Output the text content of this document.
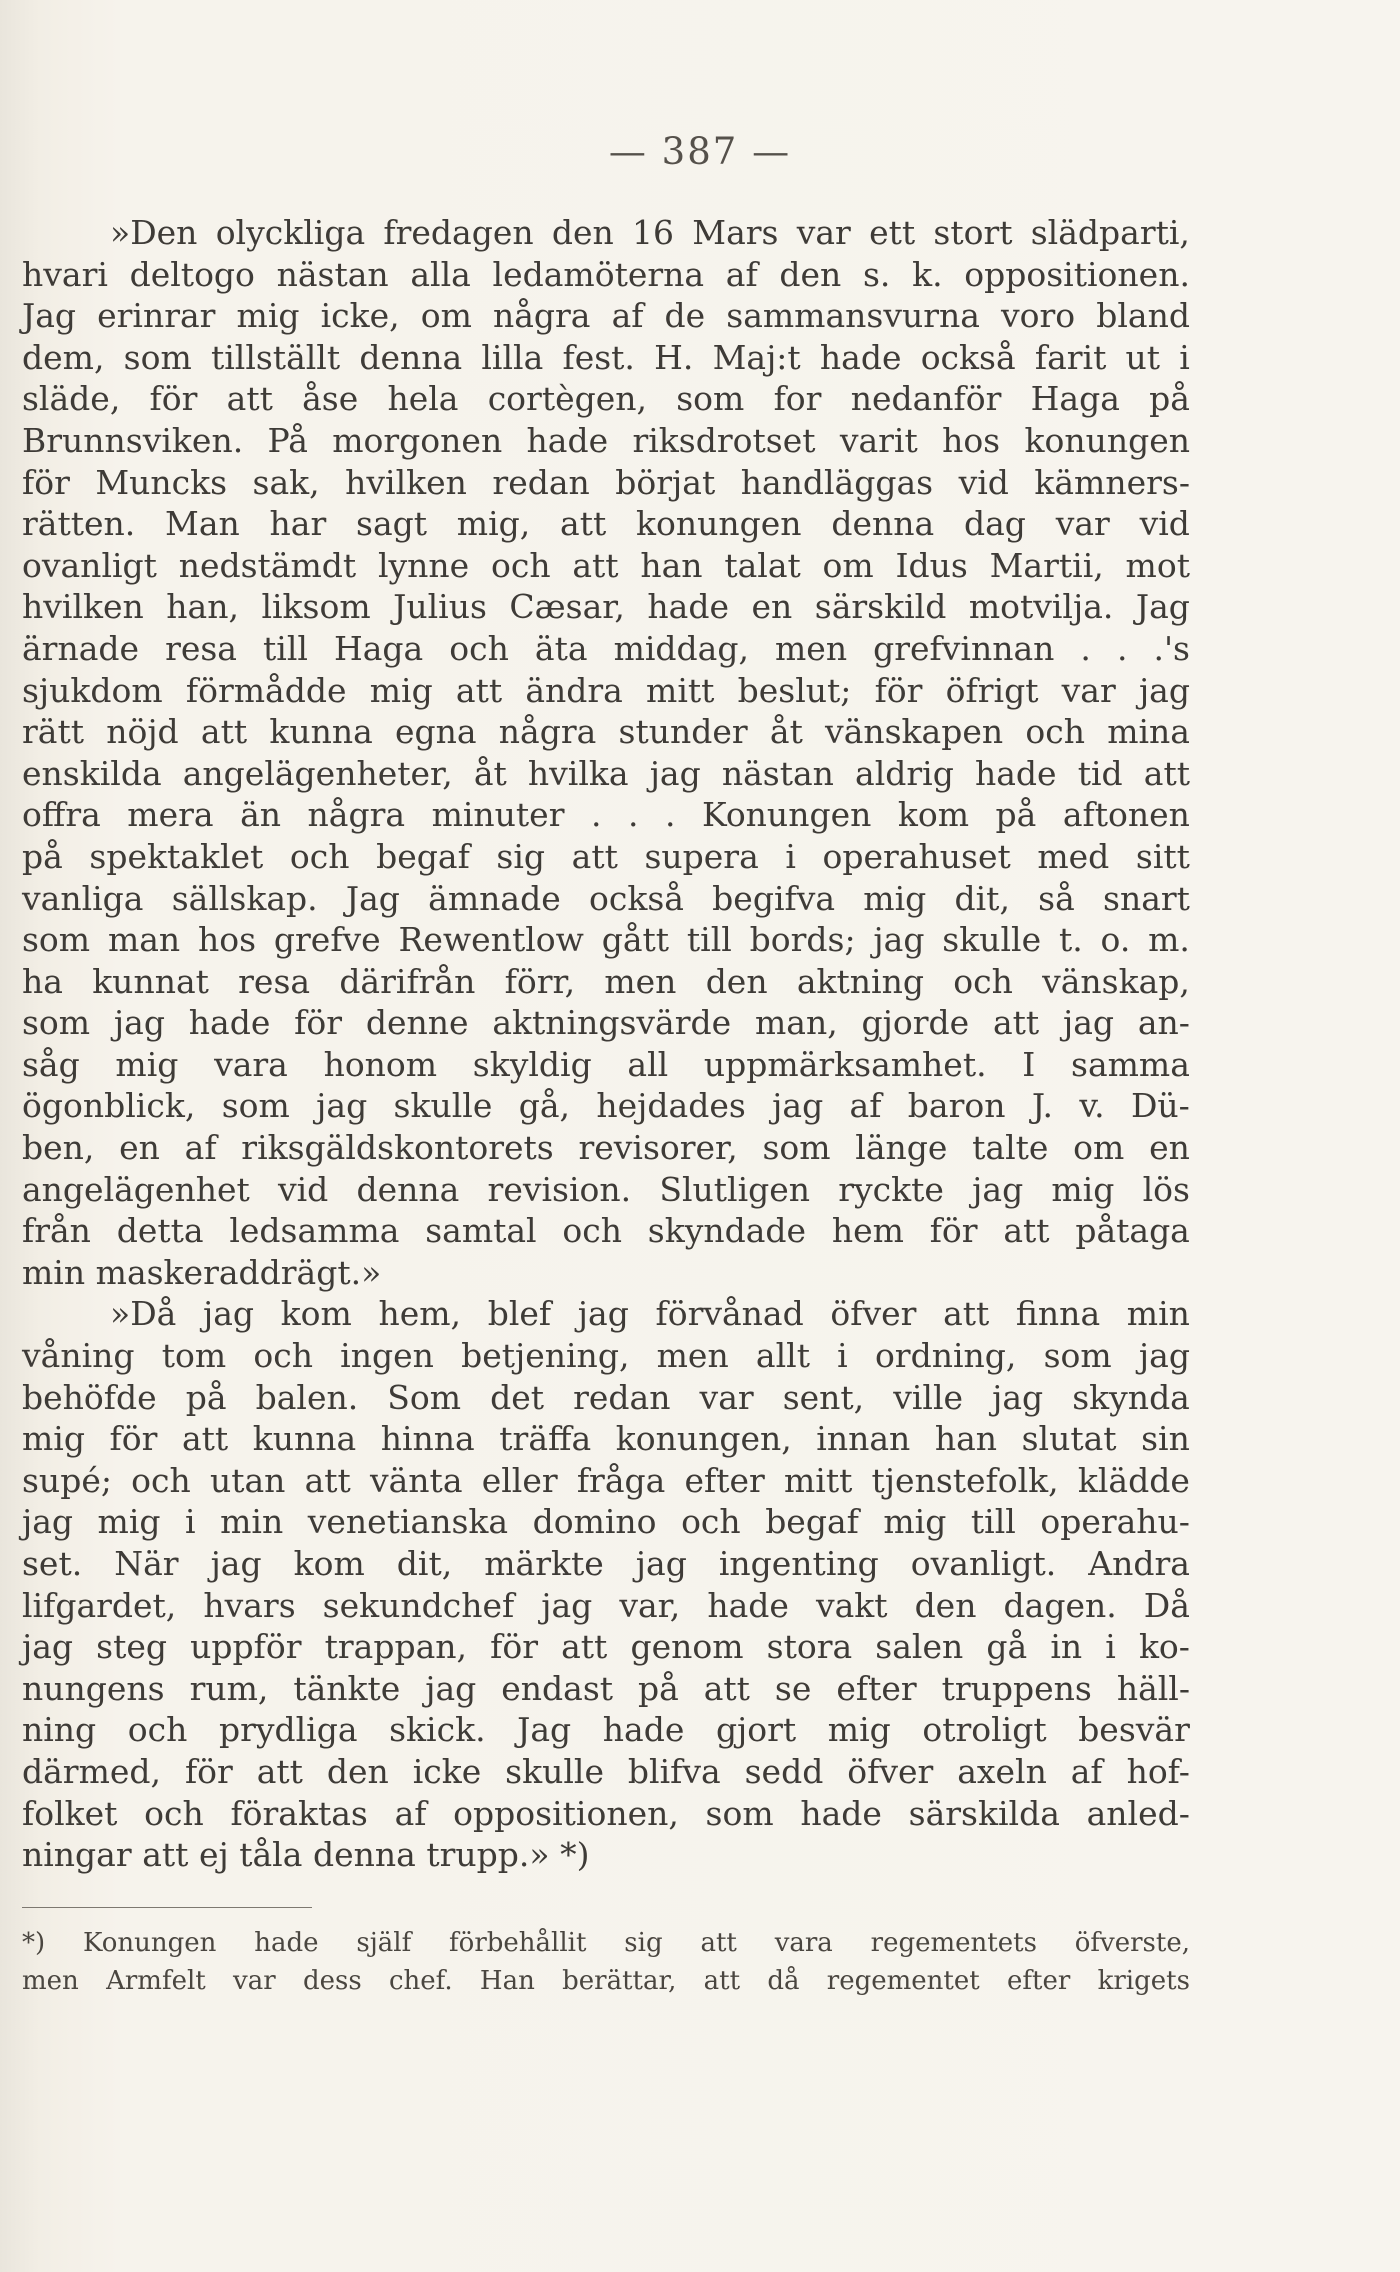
— 387 —
»Den olyckliga fredagen den 16 Mars var ett stort slädparti,
hvari deltogo nästan alla ledamöterna af den s. k. oppositionen.
Jag erinrar mig icke, om några af de sammansvurna voro bland
dem, som tillställt denna lilla fest. H. Maj:t hade också farit ut i
släde, för att åse hela cortègen, som for nedanför Haga på
Brunnsviken. På morgonen hade riksdrotset varit hos konungen
för Muncks sak, hvilken redan börjat handläggas vid kämners-
rätten. Man har sagt mig, att konungen denna dag var vid
ovanligt nedstämdt lynne och att han talat om Idus Martii, mot
hvilken han, liksom Julius Cæsar, hade en särskild motvilja. Jag
ärnade resa till Haga och äta middag, men grefvinnan . . .'s
sjukdom förmådde mig att ändra mitt beslut; för öfrigt var jag
rätt nöjd att kunna egna några stunder åt vänskapen och mina
enskilda angelägenheter, åt hvilka jag nästan aldrig hade tid att
offra mera än några minuter . . . Konungen kom på aftonen
på spektaklet och begaf sig att supera i operahuset med sitt
vanliga sällskap. Jag ämnade också begifva mig dit, så snart
som man hos grefve Rewentlow gått till bords; jag skulle t. o. m.
ha kunnat resa därifrån förr, men den aktning och vänskap,
som jag hade för denne aktningsvärde man, gjorde att jag an-
såg mig vara honom skyldig all uppmärksamhet. I samma
ögonblick, som jag skulle gå, hejdades jag af baron J. v. Dü-
ben, en af riksgäldskontorets revisorer, som länge talte om en
angelägenhet vid denna revision. Slutligen ryckte jag mig lös
från detta ledsamma samtal och skyndade hem för att påtaga
min maskeraddrägt.»
»Då jag kom hem, blef jag förvånad öfver att finna min
våning tom och ingen betjening, men allt i ordning, som jag
behöfde på balen. Som det redan var sent, ville jag skynda
mig för att kunna hinna träffa konungen, innan han slutat sin
supé; och utan att vänta eller fråga efter mitt tjenstefolk, klädde
jag mig i min venetianska domino och begaf mig till operahu-
set. När jag kom dit, märkte jag ingenting ovanligt. Andra
lifgardet, hvars sekundchef jag var, hade vakt den dagen. Då
jag steg uppför trappan, för att genom stora salen gå in i ko-
nungens rum, tänkte jag endast på att se efter truppens häll-
ning och prydliga skick. Jag hade gjort mig otroligt besvär
därmed, för att den icke skulle blifva sedd öfver axeln af hof-
folket och föraktas af oppositionen, som hade särskilda anled-
ningar att ej tåla denna trupp.» *)
*) Konungen hade själf förbehållit sig att vara regementets öfverste,
men Armfelt var dess chef. Han berättar, att då regementet efter krigets
